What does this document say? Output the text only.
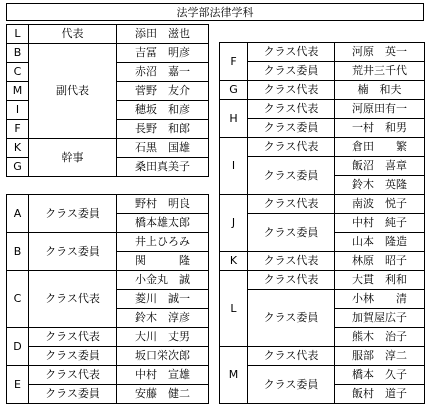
法学部法律学科
L	代表	添田　滋也
B	副代表	吉冨　明彦
C		赤沼　嘉一
M		菅野　友介
I		穂坂　和彦
F		長野　和郎
K	幹事	石黒　国雄
G		桑田真美子
A	クラス委員	野村　明良
		橋本雄太郎
B	クラス委員	井上ひろみ
		関　　　隆
C	クラス代表	小金丸　誠
		菱川　誠一
		鈴木　淳彦
D	クラス代表	大川　丈男
	クラス委員	坂口栄次郎
E	クラス代表	中村　宣雄
	クラス委員	安藤　健二
F	クラス代表	河原　英一
	クラス委員	荒井三千代
G	クラス代表	楠　和夫
H	クラス代表	河原田有一
	クラス委員	一村　和男
I	クラス代表	倉田　　繁
	クラス委員	飯沼　喜章
		鈴木　英隆
J	クラス代表	南波　悦子
	クラス委員	中村　純子
		山本　隆造
K	クラス代表	林原　昭子
L	クラス代表	大貫　利和
	クラス委員	小林　　清
		加賀屋広子
		熊木　治子
M	クラス代表	服部　淳二
	クラス委員	橋本　久子
		飯村　道子
